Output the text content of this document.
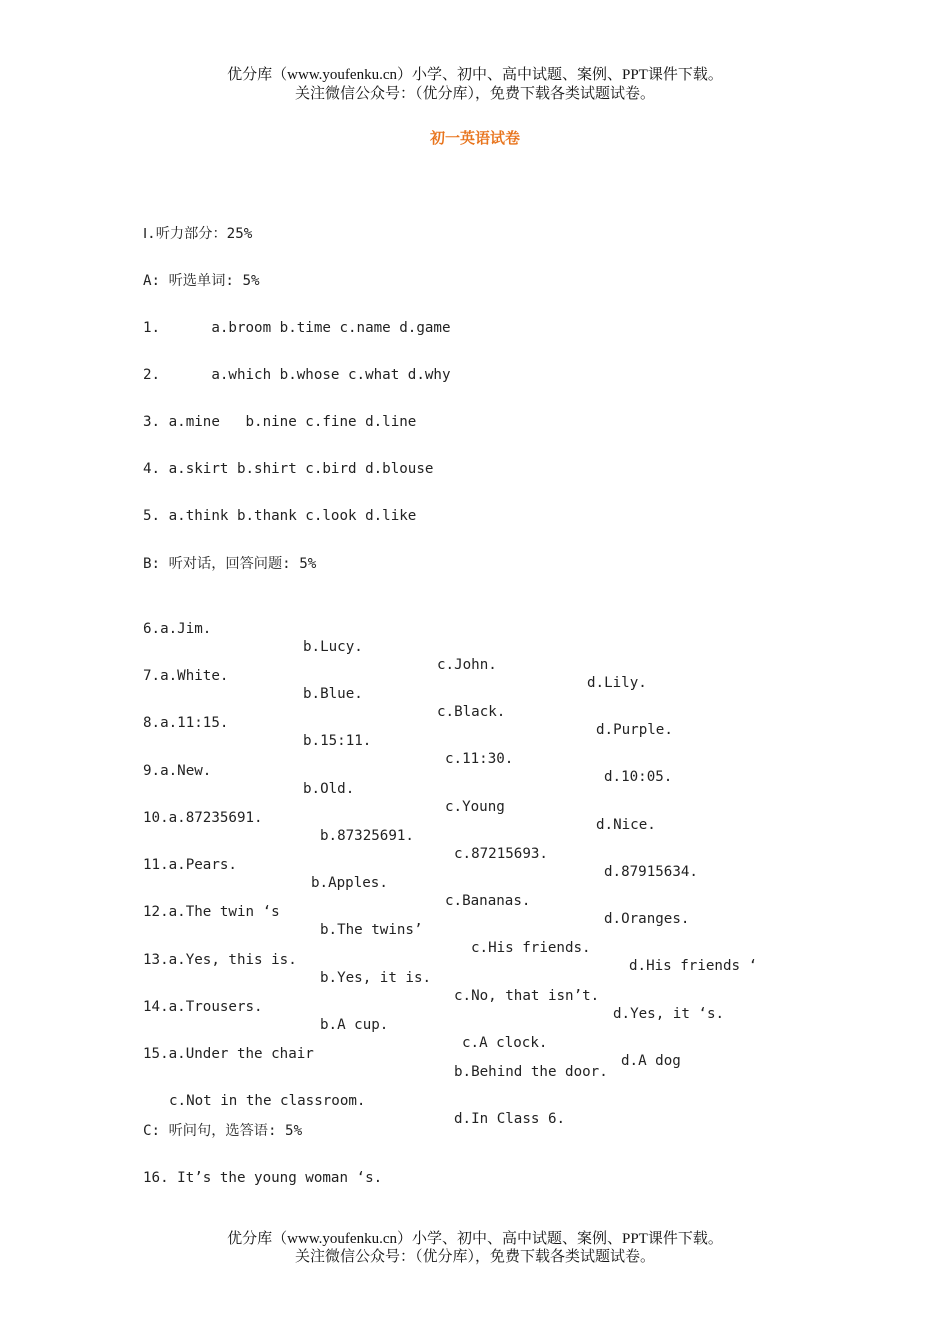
优分库（www.youfenku.cn）小学、初中、高中试题、案例、PPT课件下载。
关注微信公众号：（优分库），免费下载各类试题试卷。
初一英语试卷
Ⅰ.听力部分：25%
A: 听选单词: 5%
1.      a.broom b.time c.name d.game
2.      a.which b.whose c.what d.why
3. a.mine   b.nine c.fine d.line
4. a.skirt b.shirt c.bird d.blouse
5. a.think b.thank c.look d.like
B: 听对话，回答问题: 5%

6.a.Jim.

b.Lucy.

c.John.

d.Lily.

7.a.White.

b.Blue.

c.Black.

d.Purple.

8.a.11:15.

b.15:11.

c.11:30.

d.10:05.

9.a.New.

b.Old.

c.Young

d.Nice.

10.a.87235691.

b.87325691.

c.87215693.

d.87915634.

11.a.Pears.

b.Apples.

c.Bananas.

d.Oranges.

12.a.The twin ‘s

b.The twins’

c.His friends.

d.His friends ‘

13.a.Yes, this is.

b.Yes, it is.

c.No, that isn’t.

d.Yes, it ‘s.

14.a.Trousers.

b.A cup.

c.A clock.

d.A dog

15.a.Under the chair

b.Behind the door.

c.Not in the classroom.

d.In Class 6.

C: 听问句，选答语: 5%
16. It’s the young woman ‘s.
优分库（www.youfenku.cn）小学、初中、高中试题、案例、PPT课件下载。
关注微信公众号：（优分库），免费下载各类试题试卷。
